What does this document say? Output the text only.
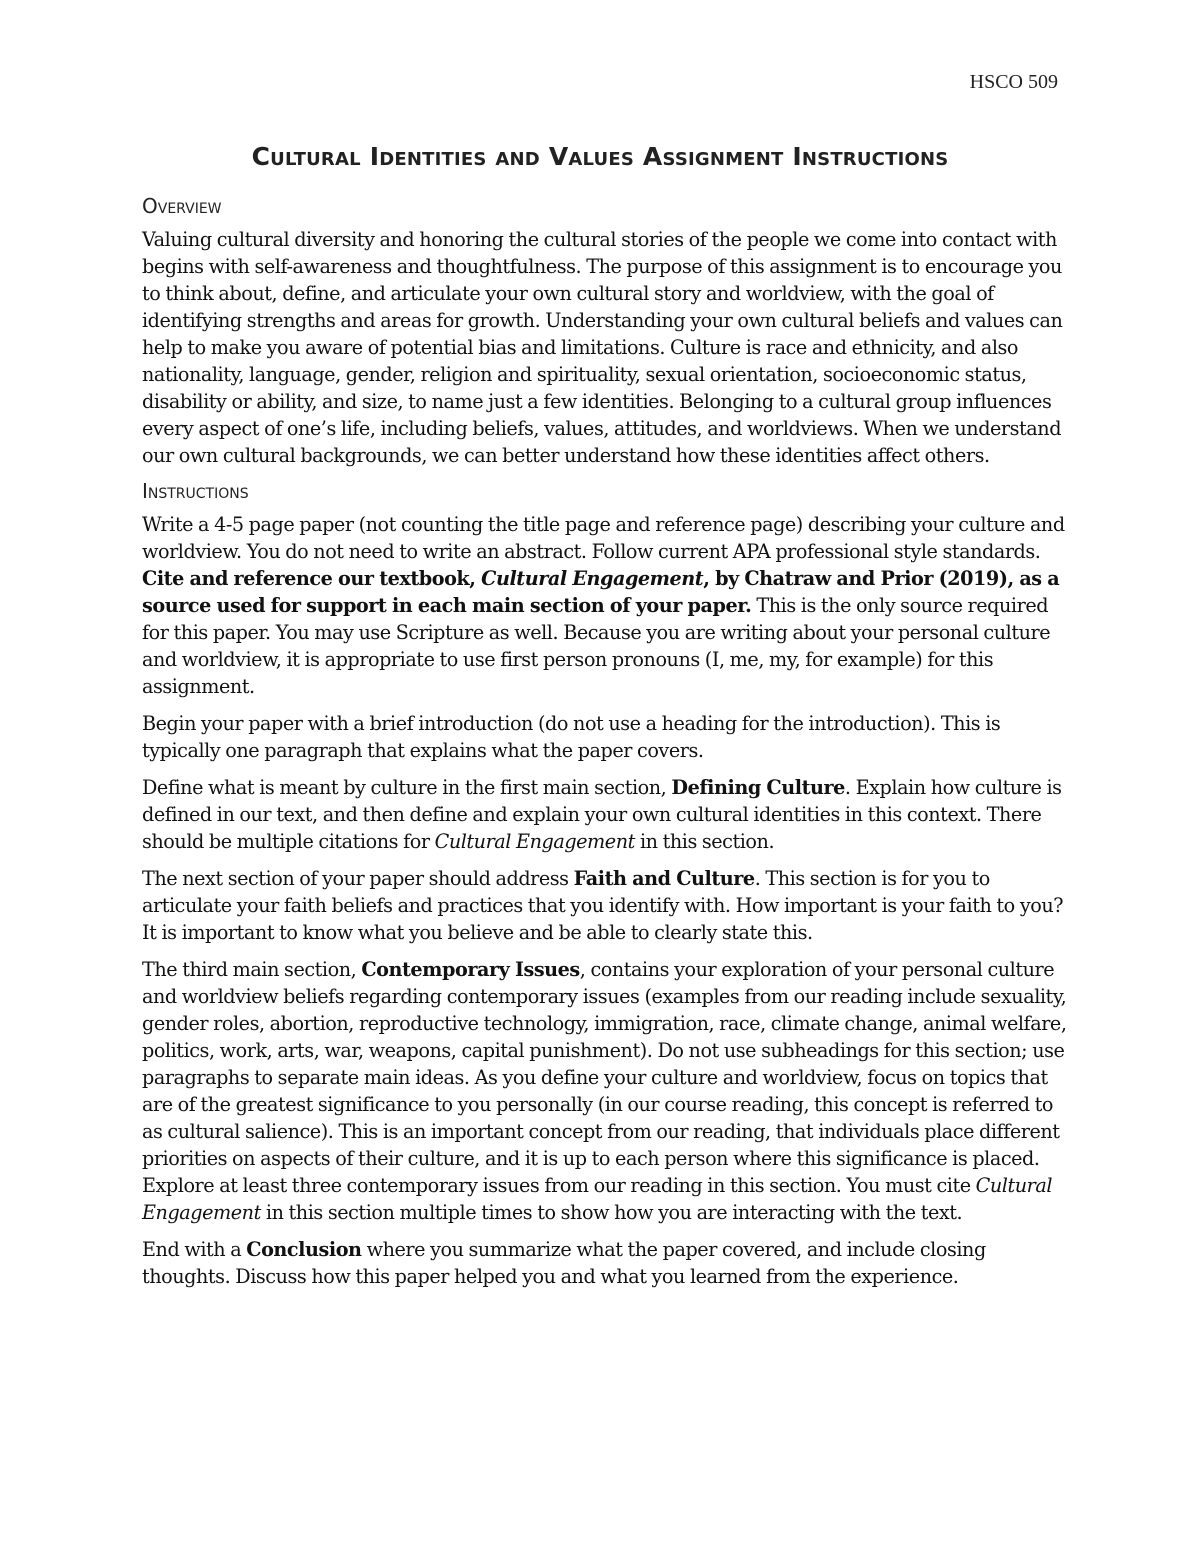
HSCO 509
Cultural Identities and Values Assignment Instructions
Overview

Valuing cultural diversity and honoring the cultural stories of the people we come into contact with begins with self-awareness and thoughtfulness. The purpose of this assignment is to encourage you to think about, define, and articulate your own cultural story and worldview, with the goal of identifying strengths and areas for growth. Understanding your own cultural beliefs and values can help to make you aware of potential bias and limitations. Culture is race and ethnicity, and also nationality, language, gender, religion and spirituality, sexual orientation, socioeconomic status, disability or ability, and size, to name just a few identities. Belonging to a cultural group influences every aspect of one’s life, including beliefs, values, attitudes, and worldviews. When we understand our own cultural backgrounds, we can better understand how these identities affect others.

Instructions

Write a 4-5 page paper (not counting the title page and reference page) describing your culture and worldview. You do not need to write an abstract. Follow current APA professional style standards. Cite and reference our textbook, Cultural Engagement, by Chatraw and Prior (2019), as a source used for support in each main section of your paper. This is the only source required for this paper. You may use Scripture as well. Because you are writing about your personal culture and worldview, it is appropriate to use first person pronouns (I, me, my, for example) for this assignment.

Begin your paper with a brief introduction (do not use a heading for the introduction). This is typically one paragraph that explains what the paper covers.

Define what is meant by culture in the first main section, Defining Culture. Explain how culture is defined in our text, and then define and explain your own cultural identities in this context. There should be multiple citations for Cultural Engagement in this section.

The next section of your paper should address Faith and Culture. This section is for you to articulate your faith beliefs and practices that you identify with. How important is your faith to you? It is important to know what you believe and be able to clearly state this.

The third main section, Contemporary Issues, contains your exploration of your personal culture and worldview beliefs regarding contemporary issues (examples from our reading include sexuality, gender roles, abortion, reproductive technology, immigration, race, climate change, animal welfare, politics, work, arts, war, weapons, capital punishment). Do not use subheadings for this section; use paragraphs to separate main ideas. As you define your culture and worldview, focus on topics that are of the greatest significance to you personally (in our course reading, this concept is referred to as cultural salience). This is an important concept from our reading, that individuals place different priorities on aspects of their culture, and it is up to each person where this significance is placed. Explore at least three contemporary issues from our reading in this section. You must cite Cultural Engagement in this section multiple times to show how you are interacting with the text.

End with a Conclusion where you summarize what the paper covered, and include closing thoughts. Discuss how this paper helped you and what you learned from the experience.
